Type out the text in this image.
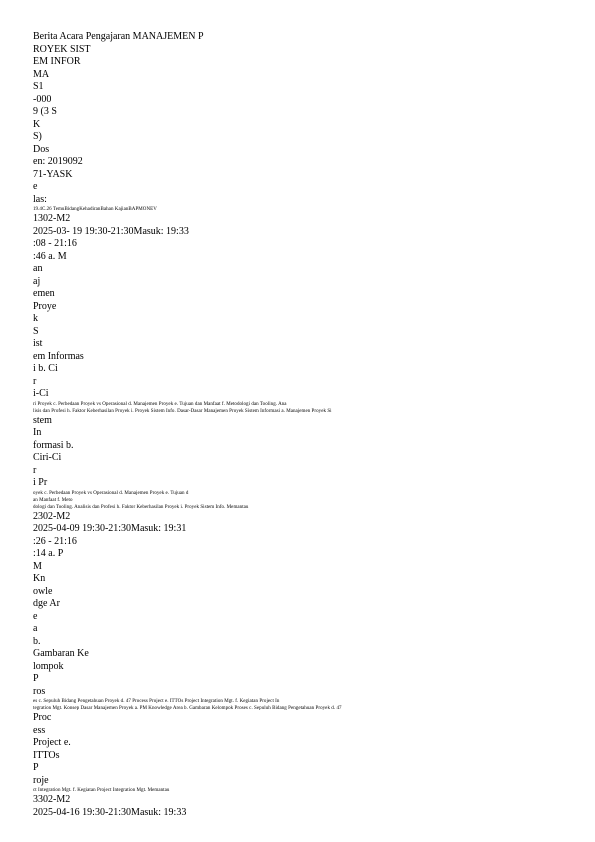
Berita Acara Pengajaran MANAJEMEN P
ROYEK SIST
EM INFOR
MA
S1
-000
9 (3 S
K
S)
Dos
en: 2019092
71-YASK
e
las:
19.4C.26 TemuBidangKehadiranBahan KajianBAPMONEV
1302-M2
2025-03- 19 19:30-21:30Masuk: 19:33
:08 - 21:16
:46 a. M
an
aj
emen
Proye
k
S
ist
em Informas
i b. Ci
r
i-Ci
ri Proyek c. Perbedaan Proyek vs Operasional d. Manajemen Proyek e. Tujuan dan Manfaat f. Metodologi dan Tooling. Ana
lisis dan Profesi h. Faktor Keberhasilan Proyek i. Proyek Sistem Info. Dasar-Dasar Manajemen Proyek Sistem Informasi a. Manajemen Proyek Si
stem
In
formasi b.
Ciri-Ci
r
i Pr
oyek c. Perbedaan Proyek vs Operasional d. Manajemen Proyek e. Tujuan d
an Manfaat f. Meto
dologi dan Tooling. Analisis dan Profesi h. Faktor Keberhasilan Proyek i. Proyek Sistem Info. Memantau
2302-M2
2025-04-09 19:30-21:30Masuk: 19:31
:26 - 21:16
:14 a. P
M
Kn
owle
dge Ar
e
a
b.
Gambaran Ke
lompok
P
ros
es c. Sepuluh Bidang Pengetahuan Proyek d. 47 Process Project e. ITTOs Project Integration Mgt. f. Kegiatan Project In
tegration Mgt. Konsep Dasar Manajemen Proyek a. PM Knowledge Area b. Gambaran Kelompok Proses c. Sepuluh Bidang Pengetahuan Proyek d. 47
Proc
ess
Project e.
ITTOs
P
roje
ct Integration Mgt. f. Kegiatan Project Integration Mgt. Memantau
3302-M2
2025-04-16 19:30-21:30Masuk: 19:33
